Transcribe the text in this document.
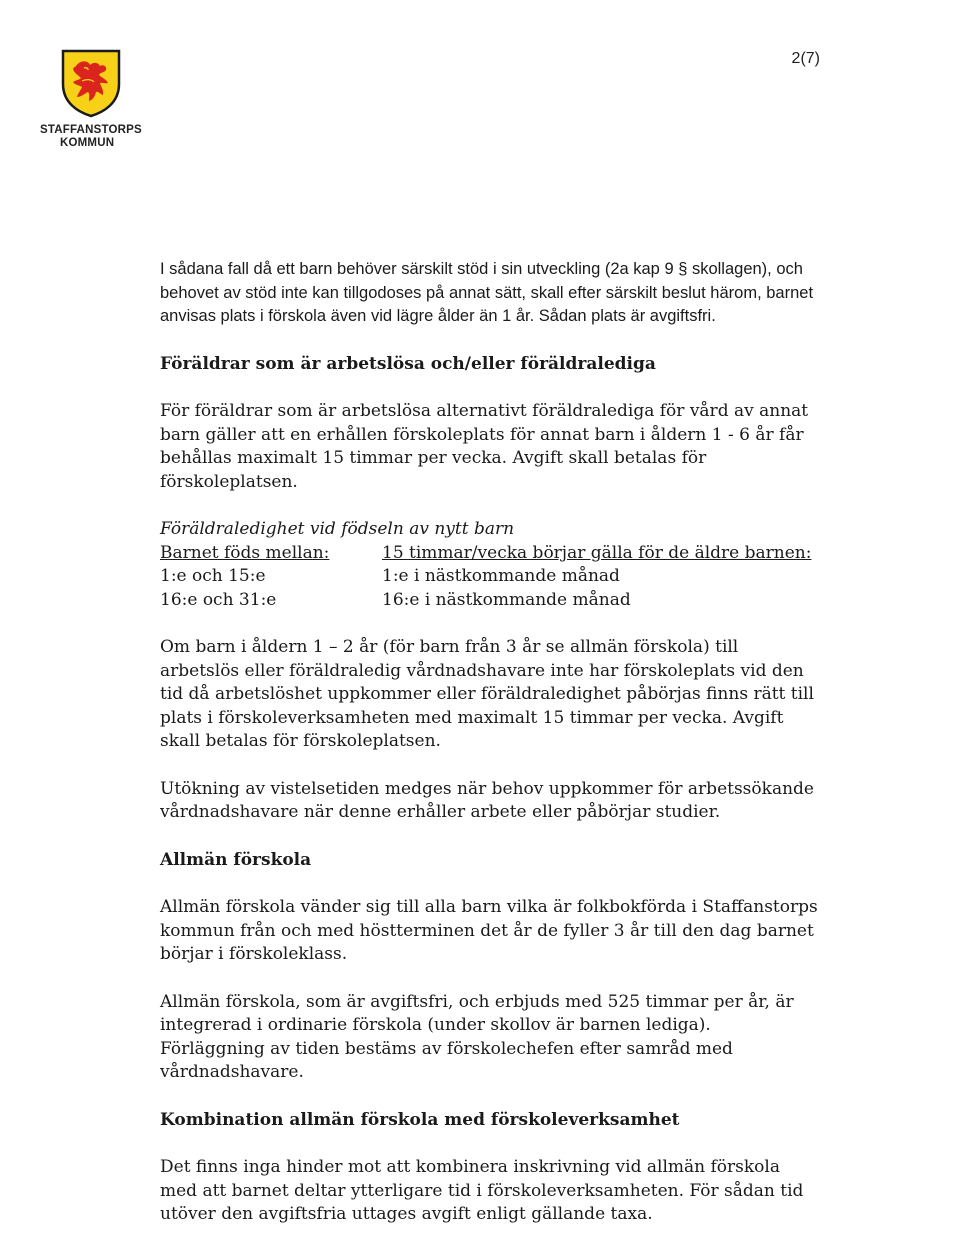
2(7)
STAFFANSTORPS
KOMMUN

I sådana fall då ett barn behöver särskilt stöd i sin utveckling (2a kap 9 § skollagen), och behovet av stöd inte kan tillgodoses på annat sätt, skall efter särskilt beslut härom, barnet anvisas plats i förskola även vid lägre ålder än 1 år. Sådan plats är avgiftsfri.

Föräldrar som är arbetslösa och/eller föräldralediga

För föräldrar som är arbetslösa alternativt föräldralediga för vård av annat barn gäller att en erhållen förskoleplats för annat barn i åldern 1 - 6 år får behållas maximalt 15 timmar per vecka. Avgift skall betalas för förskoleplatsen.

Föräldraledighet vid födseln av nytt barn
Barnet föds mellan:	15 timmar/vecka börjar gälla för de äldre barnen:
1:e och 15:e	1:e i nästkommande månad
16:e och 31:e	16:e i nästkommande månad

Om barn i åldern 1 – 2 år (för barn från 3 år se allmän förskola) till arbetslös eller föräldraledig vårdnadshavare inte har förskoleplats vid den tid då arbetslöshet uppkommer eller föräldraledighet påbörjas finns rätt till plats i förskoleverksamheten med maximalt 15 timmar per vecka. Avgift skall betalas för förskoleplatsen.

Utökning av vistelsetiden medges när behov uppkommer för arbetssökande vårdnadshavare när denne erhåller arbete eller påbörjar studier.

Allmän förskola

Allmän förskola vänder sig till alla barn vilka är folkbokförda i Staffanstorps kommun från och med höstterminen det år de fyller 3 år till den dag barnet börjar i förskoleklass.

Allmän förskola, som är avgiftsfri, och erbjuds med 525 timmar per år, är integrerad i ordinarie förskola (under skollov är barnen lediga). Förläggning av tiden bestäms av förskolechefen efter samråd med vårdnadshavare.

Kombination allmän förskola med förskoleverksamhet

Det finns inga hinder mot att kombinera inskrivning vid allmän förskola med att barnet deltar ytterligare tid i förskoleverksamheten. För sådan tid utöver den avgiftsfria uttages avgift enligt gällande taxa.
